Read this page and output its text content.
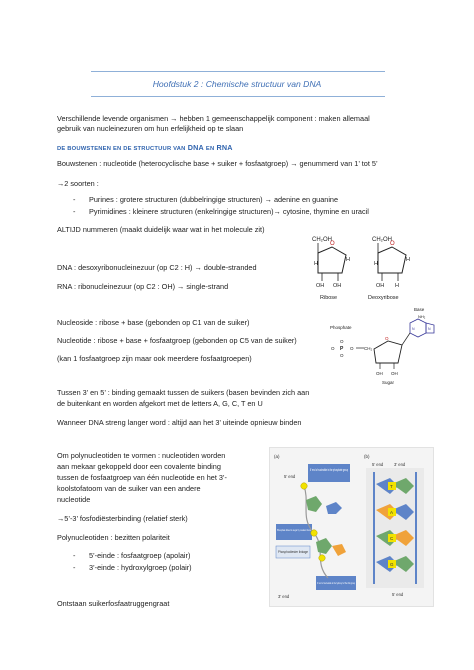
Hoofdstuk 2 : Chemische structuur van DNA
Verschillende levende organismen → hebben 1 gemeenschappelijk component : maken allemaal
gebruik van nucleinezuren om hun erfelijkheid op te slaan
DE BOUWSTENEN EN DE STRUCTUUR VAN DNA EN RNA
Bouwstenen : nucleotide (heterocyclische base + suiker + fosfaatgroep) → genummerd van 1’ tot 5’
→2 soorten :
- Purines : grotere structuren (dubbelringige structuren) → adenine en guanine
- Pyrimidines : kleinere structuren (enkelringige structuren)→ cytosine, thymine en uracil
ALTIJD nummeren (maakt duidelijk waar wat in het molecule zit)
DNA : desoxyribonucleinezuur (op C2 : H) → double-stranded
RNA : ribonucleinezuur (op C2 : OH) → single-strand
Nucleoside : ribose + base (gebonden op C1 van de suiker)
Nucleotide : ribose + base + fosfaatgroep (gebonden op C5 van de suiker)
(kan 1 fosfaatgroep zijn maar ook meerdere fosfaatgroepen)
Tussen 3’ en 5’ : binding gemaakt tussen de suikers (basen bevinden zich aan
de buitenkant en worden afgekort met de letters A, G, C, T en U
Wanneer DNA streng langer word : altijd aan het 3’ uiteinde opnieuw binden
Om polynucleotiden te vormen : nucleotiden worden
aan mekaar gekoppeld door een covalente binding
tussen de fosfaatgroep van één nucleotide en het 3’-
koolstofatoom van de suiker van een andere
nucleotide
→5’-3’ fosfodiësterbinding (relatief sterk)
Polynucleotiden : bezitten polariteit
- 5’-einde : fosfaatgroep (apolair)
- 3’-einde : hydroxylgroep (polair)
Ontstaan suikerfosfaatruggengraat
CH₂OH
O
H
H
OH OH
Ribose
CH₂OH
O
H
H
OH H
Deoxyribose
Base
NH₂
N	N
Phosphate
O
O
O P O CH₂
O
OH OH
Sugar
(a)	(b)
5’ end
3’ end
3’ end
5’ end
5’ end of nucleotide is the phosphate group
Phosphate linked to sugar by covalent bond
Phosphodiester linkage
3’ end of nucleotide is the hydroxyl of the OH group
T
A
C
G
5’ end
